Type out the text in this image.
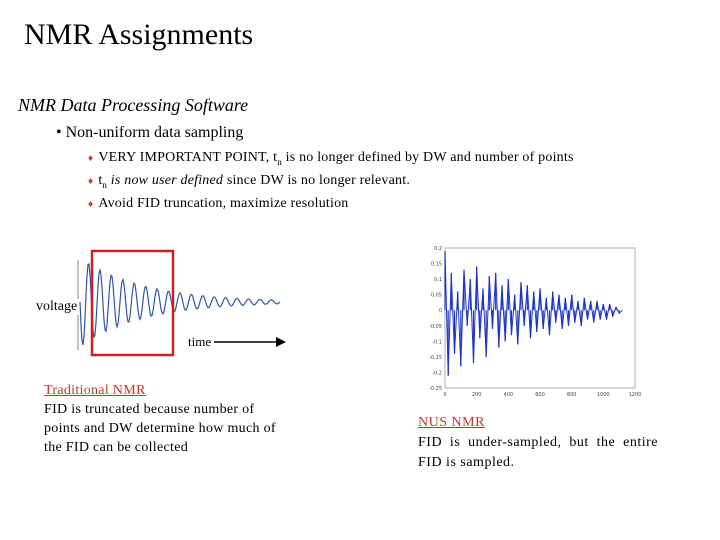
NMR Assignments
NMR Data Processing Software
• Non-uniform data sampling
♦ VERY IMPORTANT POINT, $t_n$ is no longer defined by DW and number of points
♦ $t_n$ is now user defined since DW is no longer relevant.
♦ Avoid FID truncation, maximize resolution
voltage
time
Traditional NMR
FID is truncated because number of points and DW determine how much of the FID can be collected
0.2
0.15
0.1
0.05
0
-0.05
-0.1
-0.15
-0.2
-0.25
0	200	400	600	800	1000	1200
NUS NMR
FID is under-sampled, but the entire FID is sampled.
